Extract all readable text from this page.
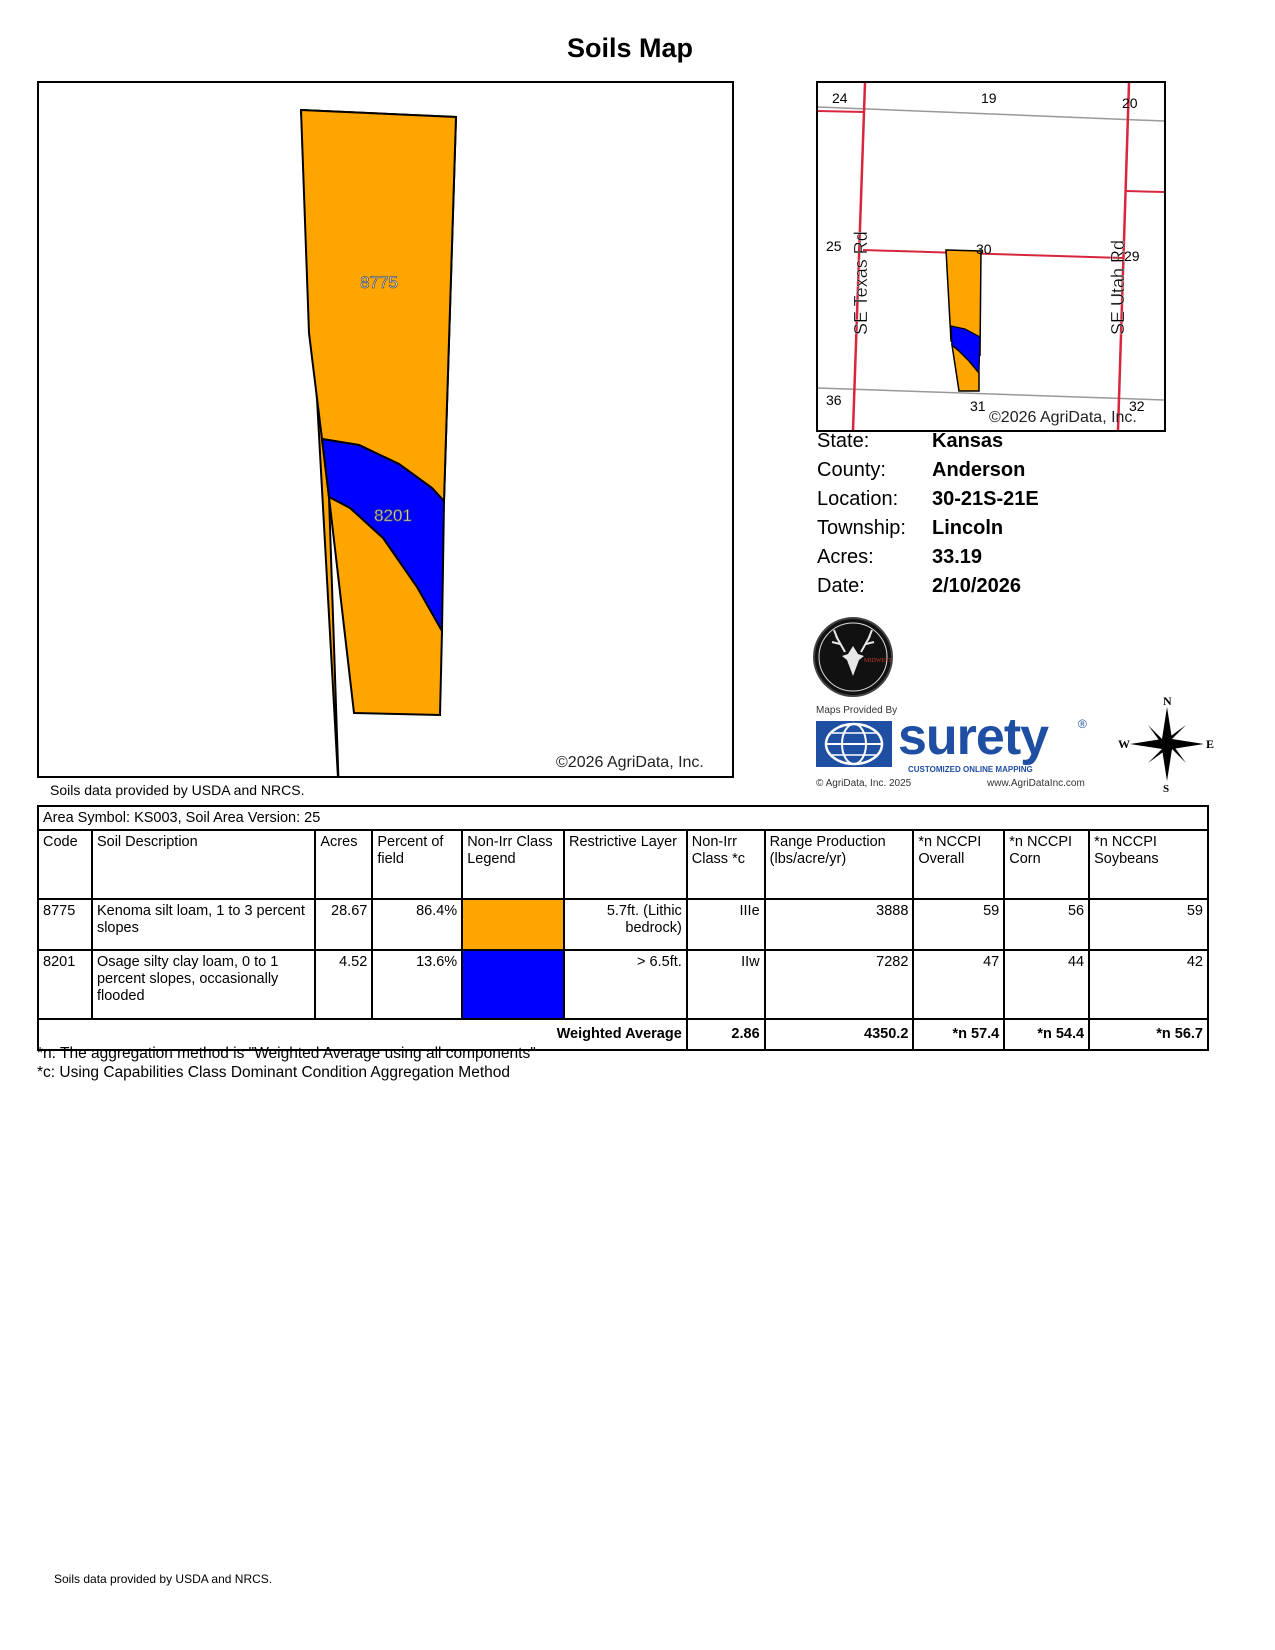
Soils Map
8775
8201
©2026 AgriData, Inc.
Soils data provided by USDA and NRCS.
24	19	20
25	30	29
36	31	32
SE Texas Rd	SE Utah Rd
©2026 AgriData, Inc.
State:	Kansas
County: Anderson
Location: 30-21S-21E
Township: Lincoln
Acres:	33.19
Date:	2/10/2026
MIDWEST
Maps Provided By surety ®
CUSTOMIZED ONLINE MAPPING
© AgriData, Inc. 2025	www.AgriDataInc.com
N
S
E
W
Area Symbol: KS003, Soil Area Version: 25										
Code	Soil Description	Acres	Percent of field	Non-Irr Class Legend	Restrictive Layer	Non-Irr Class *c	Range Production (lbs/acre/yr)	*n NCCPI Overall	*n NCCPI Corn	*n NCCPI Soybeans
8775	Kenoma silt loam, 1 to 3 percent slopes	28.67	86.4%		5.7ft. (Lithic bedrock)	IIIe	3888	59	56	59
8201	Osage silty clay loam, 0 to 1 percent slopes, occasionally flooded	4.52	13.6%		> 6.5ft.	IIw	7282	47	44	42
Weighted Average						2.86	4350.2	*n 57.4	*n 54.4	*n 56.7
*n: The aggregation method is "Weighted Average using all components"
*c: Using Capabilities Class Dominant Condition Aggregation Method
Soils data provided by USDA and NRCS.
